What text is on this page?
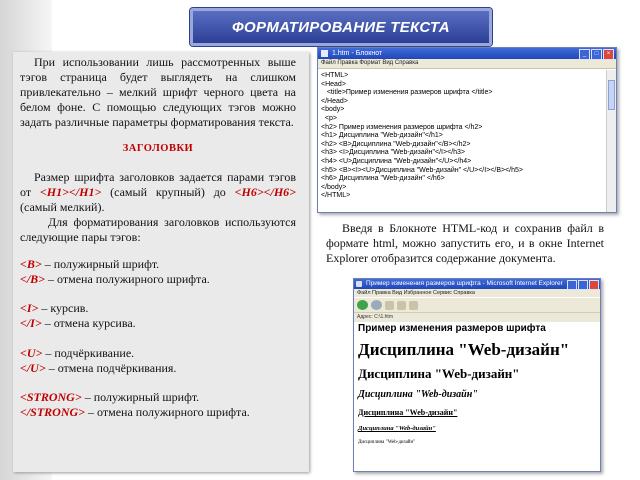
ФОРМАТИРОВАНИЕ ТЕКСТА
При использовании лишь рассмотренных выше тэгов страница будет выглядеть на слишком привлекательно – мелкий шрифт черного цвета на белом фоне. С помощью следующих тэгов можно задать различные параметры форматирования текста.
ЗАГОЛОВКИ
Размер шрифта заголовков задается парами тэгов от <H1></H1> (самый крупный) до <H6></H6> (самый мелкий).
Для форматирования заголовков используются следующие пары тэгов:
<B> – полужирный шрифт.
</B> – отмена полужирного шрифта.
<I> – курсив.
</I> – отмена курсива.
<U> – подчёркивание.
</U> – отмена подчёркивания.
<STRONG> – полужирный шрифт.
</STRONG> – отмена полужирного шрифта.
1.htm - Блокнот	_	□	×
Файл Правка Формат Вид Справка
<HTML>
<Head>
<title>Пример изменения размеров шрифта </title>
</Head>
<body>
<p>
<h2> Пример изменения размеров шрифта </h2>
<h1> Дисциплина "Web-дизайн"</h1>
<h2> <B>Дисциплина "Web-дизайн"</B></h2>
<h3> <I>Дисциплина "Web-дизайн"</I></h3>
<h4> <U>Дисциплина "Web-дизайн"</U></h4>
<h5> <B><I><U>Дисциплина "Web-дизайн" </U></I></B></h5>
<h6> Дисциплина "Web-дизайн" </h6>
</body>
</HTML>
Введя в Блокноте HTML-код и сохранив файл в формате html, можно запустить его, и в окне Internet Explorer отобразится содержание документа.
Пример изменения размеров шрифта - Microsoft Internet Explorer
Файл Правка Вид Избранное Сервис Справка
Адрес: C:\1.htm
Пример изменения размеров шрифта
Дисциплина "Web-дизайн"
Дисциплина "Web-дизайн"
Дисциплина "Web-дизайн"
Дисциплина "Web-дизайн"
Дисциплина "Web-дизайн"
Дисциплина "Web-дизайн"
